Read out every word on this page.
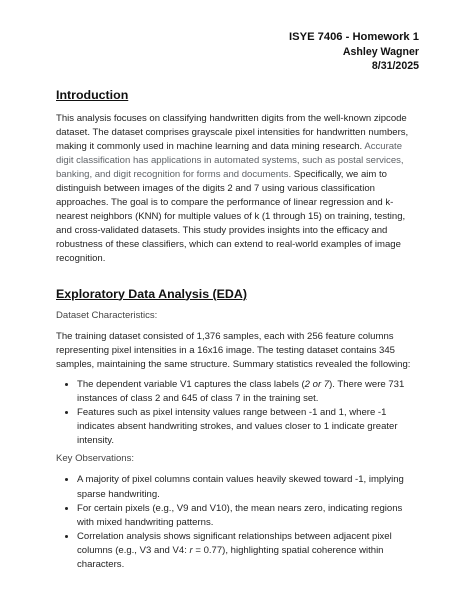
ISYE 7406 - Homework 1
Ashley Wagner
8/31/2025
Introduction

This analysis focuses on classifying handwritten digits from the well-known zipcode dataset. The dataset comprises grayscale pixel intensities for handwritten numbers, making it commonly used in machine learning and data mining research. Accurate digit classification has applications in automated systems, such as postal services, banking, and digit recognition for forms and documents. Specifically, we aim to distinguish between images of the digits 2 and 7 using various classification approaches. The goal is to compare the performance of linear regression and k-nearest neighbors (KNN) for multiple values of k (1 through 15) on training, testing, and cross-validated datasets. This study provides insights into the efficacy and robustness of these classifiers, which can extend to real-world examples of image recognition.

Exploratory Data Analysis (EDA)

Dataset Characteristics:

The training dataset consisted of 1,376 samples, each with 256 feature columns representing pixel intensities in a 16x16 image. The testing dataset contains 345 samples, maintaining the same structure. Summary statistics revealed the following:

• The dependent variable V1 captures the class labels (2 or 7). There were 731 instances of class 2 and 645 of class 7 in the training set.
• Features such as pixel intensity values range between -1 and 1, where -1 indicates absent handwriting strokes, and values closer to 1 indicate greater intensity.

Key Observations:

• A majority of pixel columns contain values heavily skewed toward -1, implying sparse handwriting.
• For certain pixels (e.g., V9 and V10), the mean nears zero, indicating regions with mixed handwriting patterns.
• Correlation analysis shows significant relationships between adjacent pixel columns (e.g., V3 and V4: r = 0.77), highlighting spatial coherence within characters.
